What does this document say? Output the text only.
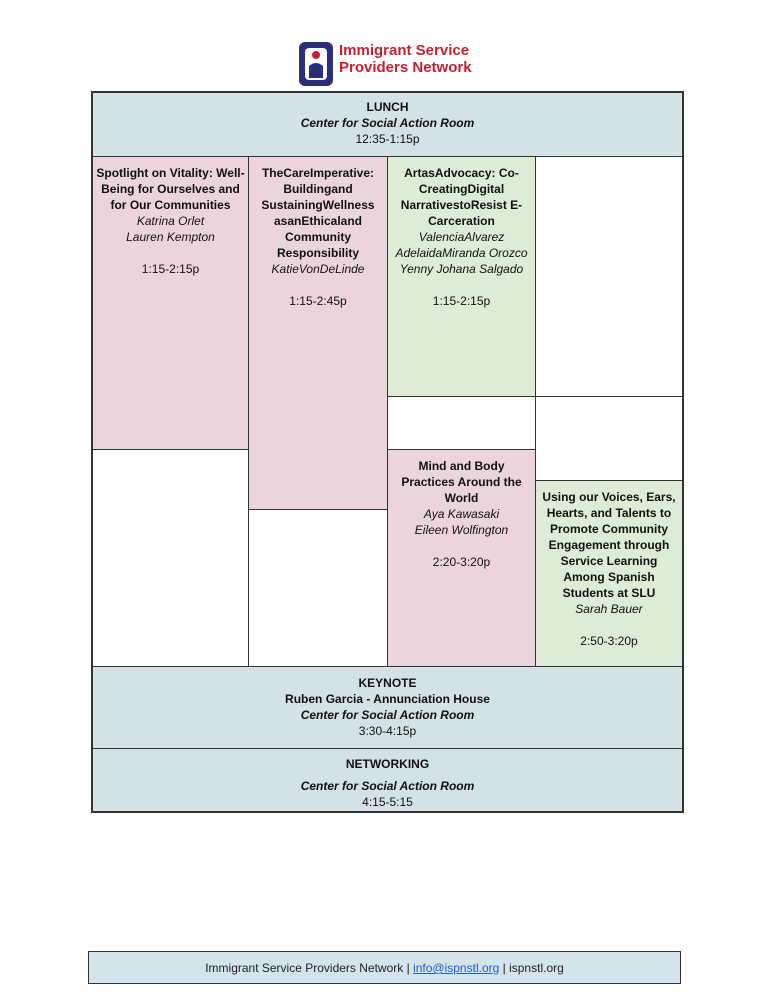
Immigrant Service
Providers Network
LUNCH
Center for Social Action Room
12:35-1:15p
Spotlight on Vitality: Well-Being for Ourselves and for Our Communities
Katrina Orlet
Lauren Kempton
1:15-2:15p
TheCareImperative: Buildingand SustainingWellness asanEthicaland Community Responsibility
KatieVonDeLinde
1:15-2:45p
ArtasAdvocacy: Co-CreatingDigital NarrativestoResist E-Carceration
ValenciaAlvarez
AdelaidaMiranda Orozco
Yenny Johana Salgado
1:15-2:15p
Mind and Body Practices Around the World
Aya Kawasaki
Eileen Wolfington
2:20-3:20p
Using our Voices, Ears, Hearts, and Talents to Promote Community Engagement through Service Learning Among Spanish Students at SLU
Sarah Bauer
2:50-3:20p
KEYNOTE
Ruben Garcia - Annunciation House
Center for Social Action Room
3:30-4:15p
NETWORKING
Center for Social Action Room
4:15-5:15
Immigrant Service Providers Network | info@ispnstl.org | ispnstl.org
